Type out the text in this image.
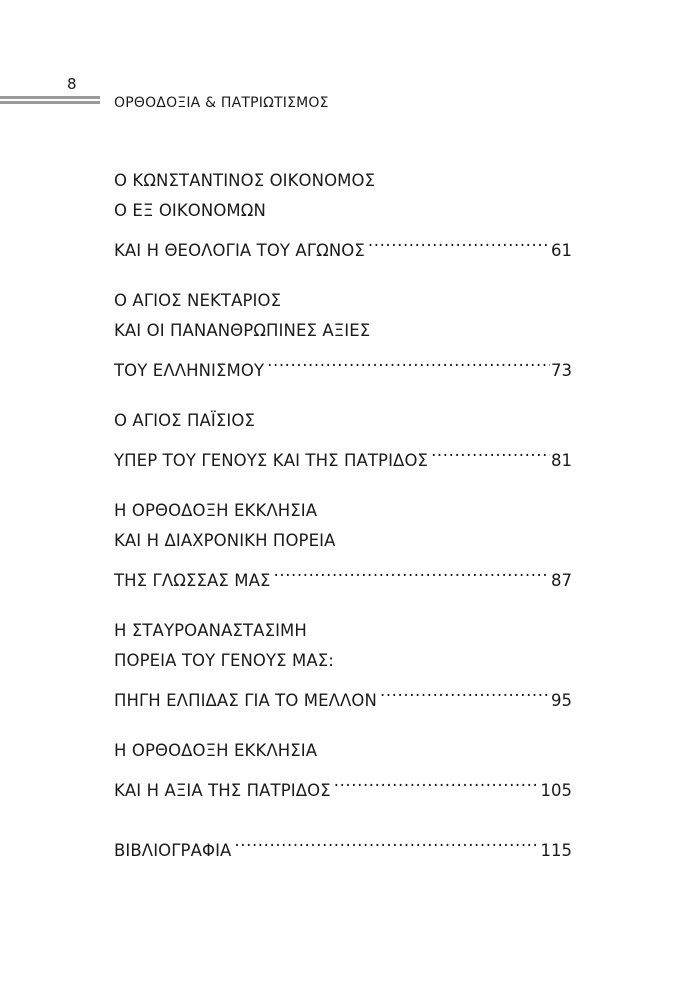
8
ΟΡΘΟΔΟΞΙΑ & ΠΑΤΡΙΩΤΙΣΜΟΣ
Ο ΚΩΝΣΤΑΝΤΙΝΟΣ ΟΙΚΟΝΟΜΟΣ
Ο ΕΞ ΟΙΚΟΝΟΜΩΝ
ΚΑΙ Η ΘΕΟΛΟΓΙΑ ΤΟΥ ΑΓΩΝΟΣ .....	61
Ο ΑΓΙΟΣ ΝΕΚΤΑΡΙΟΣ
ΚΑΙ ΟΙ ΠΑΝΑΝΘΡΩΠΙΝΕΣ ΑΞΙΕΣ
ΤΟΥ ΕΛΛΗΝΙΣΜΟΥ .....	73
Ο ΑΓΙΟΣ ΠΑΪΣΙΟΣ
ΥΠΕΡ ΤΟΥ ΓΕΝΟΥΣ ΚΑΙ ΤΗΣ ΠΑΤΡΙΔΟΣ .....	81
Η ΟΡΘΟΔΟΞΗ ΕΚΚΛΗΣΙΑ
ΚΑΙ Η ΔΙΑΧΡΟΝΙΚΗ ΠΟΡΕΙΑ
ΤΗΣ ΓΛΩΣΣΑΣ ΜΑΣ .....	87
Η ΣΤΑΥΡΟΑΝΑΣΤΑΣΙΜΗ
ΠΟΡΕΙΑ ΤΟΥ ΓΕΝΟΥΣ ΜΑΣ:
ΠΗΓΗ ΕΛΠΙΔΑΣ ΓΙΑ ΤΟ ΜΕΛΛΟΝ .....	95
Η ΟΡΘΟΔΟΞΗ ΕΚΚΛΗΣΙΑ
ΚΑΙ Η ΑΞΙΑ ΤΗΣ ΠΑΤΡΙΔΟΣ .....	105
ΒΙΒΛΙΟΓΡΑΦΙΑ .....	115
